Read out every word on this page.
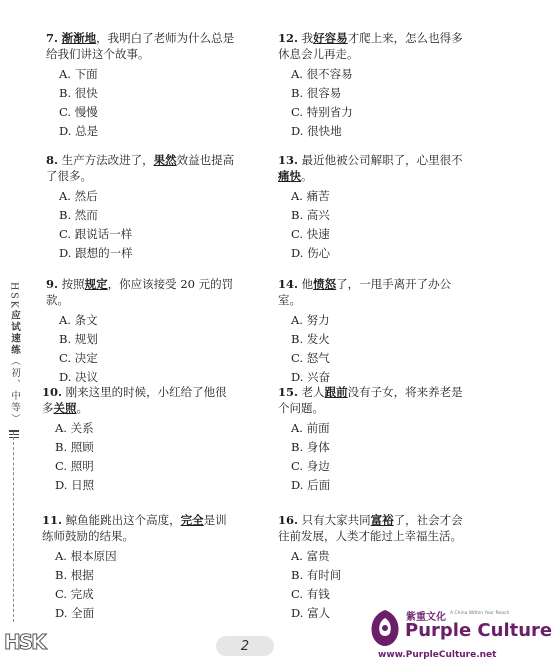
7. 渐渐地，我明白了老师为什么总是给我们讲这个故事。
A. 下面
B. 很快
C. 慢慢
D. 总是
8. 生产方法改进了，果然效益也提高了很多。
A. 然后
B. 然而
C. 跟说话一样
D. 跟想的一样
9. 按照规定，你应该接受 20 元的罚款。
A. 条文
B. 规划
C. 决定
D. 决议
10. 刚来这里的时候，小红给了他很多关照。
A. 关系
B. 照顾
C. 照明
D. 日照
11. 鲸鱼能跳出这个高度，完全是训练师鼓励的结果。
A. 根本原因
B. 根据
C. 完成
D. 全面
12. 我好容易才爬上来，怎么也得多休息会儿再走。
A. 很不容易
B. 很容易
C. 特别省力
D. 很快地
13. 最近他被公司解职了，心里很不痛快。
A. 痛苦
B. 高兴
C. 快速
D. 伤心
14. 他愤怒了，一甩手离开了办公室。
A. 努力
B. 发火
C. 怒气
D. 兴奋
15. 老人跟前没有子女，将来养老是个问题。
A. 前面
B. 身体
C. 身边
D. 后面
16. 只有大家共同富裕了，社会才会往前发展，人类才能过上幸福生活。
A. 富贵
B. 有时间
C. 有钱
D. 富人
HSK
应试速练
（初、中等）
HSK	2
紫重文化 A China Within Your Reach
Purple Culture
www.PurpleCulture.net
